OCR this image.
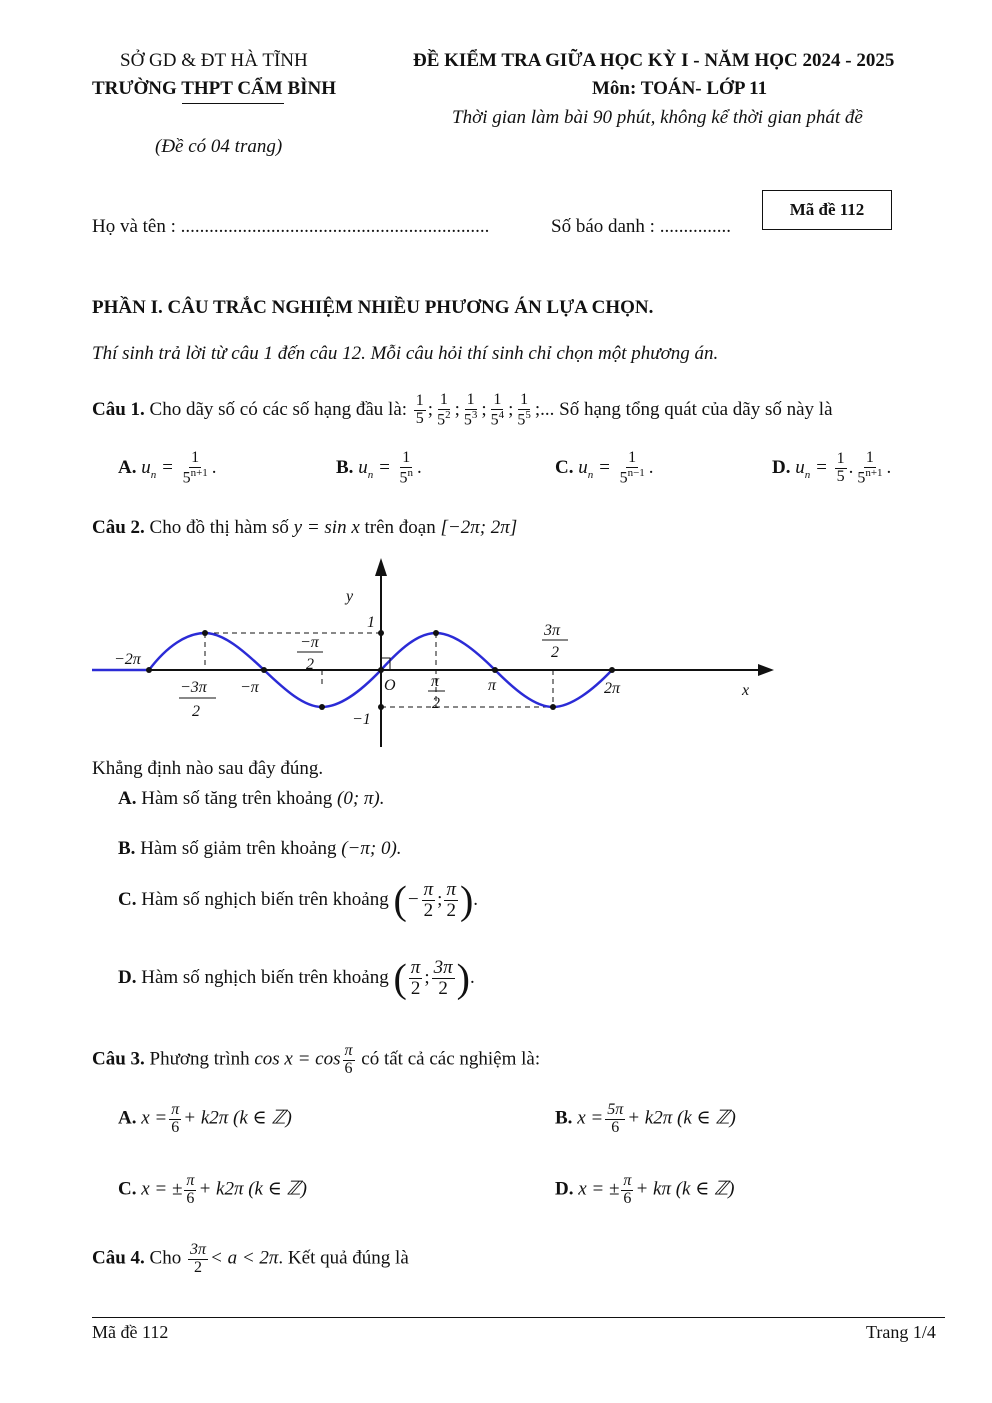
SỞ GD & ĐT HÀ TĨNH
TRƯỜNG THPT CẨM BÌNH
(Đề có 04 trang)
ĐỀ KIỂM TRA GIỮA HỌC KỲ I - NĂM HỌC 2024 - 2025
Môn: TOÁN- LỚP 11
Thời gian làm bài 90 phút, không kể thời gian phát đề
Họ và tên : .................................................................	Số báo danh : ...............
Mã đề 112
PHẦN I. CÂU TRẮC NGHIỆM NHIỀU PHƯƠNG ÁN LỰA CHỌN.
Thí sinh trả lời từ câu 1 đến câu 12. Mỗi câu hỏi thí sinh chỉ chọn một phương án.
Câu 1. Cho dãy số có các số hạng đầu là: $\frac{1}{5}$ ; $\frac{1}{5^2}$ ; $\frac{1}{5^3}$ ; $\frac{1}{5^4}$ ; $\frac{1}{5^5}$ ;... Số hạng tổng quát của dãy số này là
A. $u_n = \frac{1}{5^{n+1}}$ .	B. $u_n = \frac{1}{5^n}$ .	C. $u_n = \frac{1}{5^{n-1}}$ .	D. $u_n = \frac{1}{5}$ . $\frac{1}{5^{n+1}}$ .
Câu 2. Cho đồ thị hàm số y = sin x trên đoạn [−2π; 2π]
y
x
O
1
−1
−2π
−π	π	2π
−3π
2
−π
2
π
2
3π
2
Khẳng định nào sau đây đúng.
A. Hàm số tăng trên khoảng (0; π).
B. Hàm số giảm trên khoảng (−π; 0).
C. Hàm số nghịch biến trên khoảng (− $\frac{\pi}{2}$ ; $\frac{\pi}{2}$ ).
D. Hàm số nghịch biến trên khoảng ( $\frac{\pi}{2}$ ; $\frac{3\pi}{2}$ ).
Câu 3. Phương trình $\cos x = \cos \frac{\pi}{6}$ có tất cả các nghiệm là:
A. $x = \frac{\pi}{6} + k2\pi$ (k ∈ ℤ)	B. $x = \frac{5\pi}{6} + k2\pi$ (k ∈ ℤ)
C. x = ± $\frac{\pi}{6} + k2\pi$ (k ∈ ℤ)	D. x = ± $\frac{\pi}{6} + k\pi$ (k ∈ ℤ)
Câu 4. Cho $\frac{3\pi}{2} < a < 2\pi$. Kết quả đúng là
Mã đề 112	Trang 1/4
